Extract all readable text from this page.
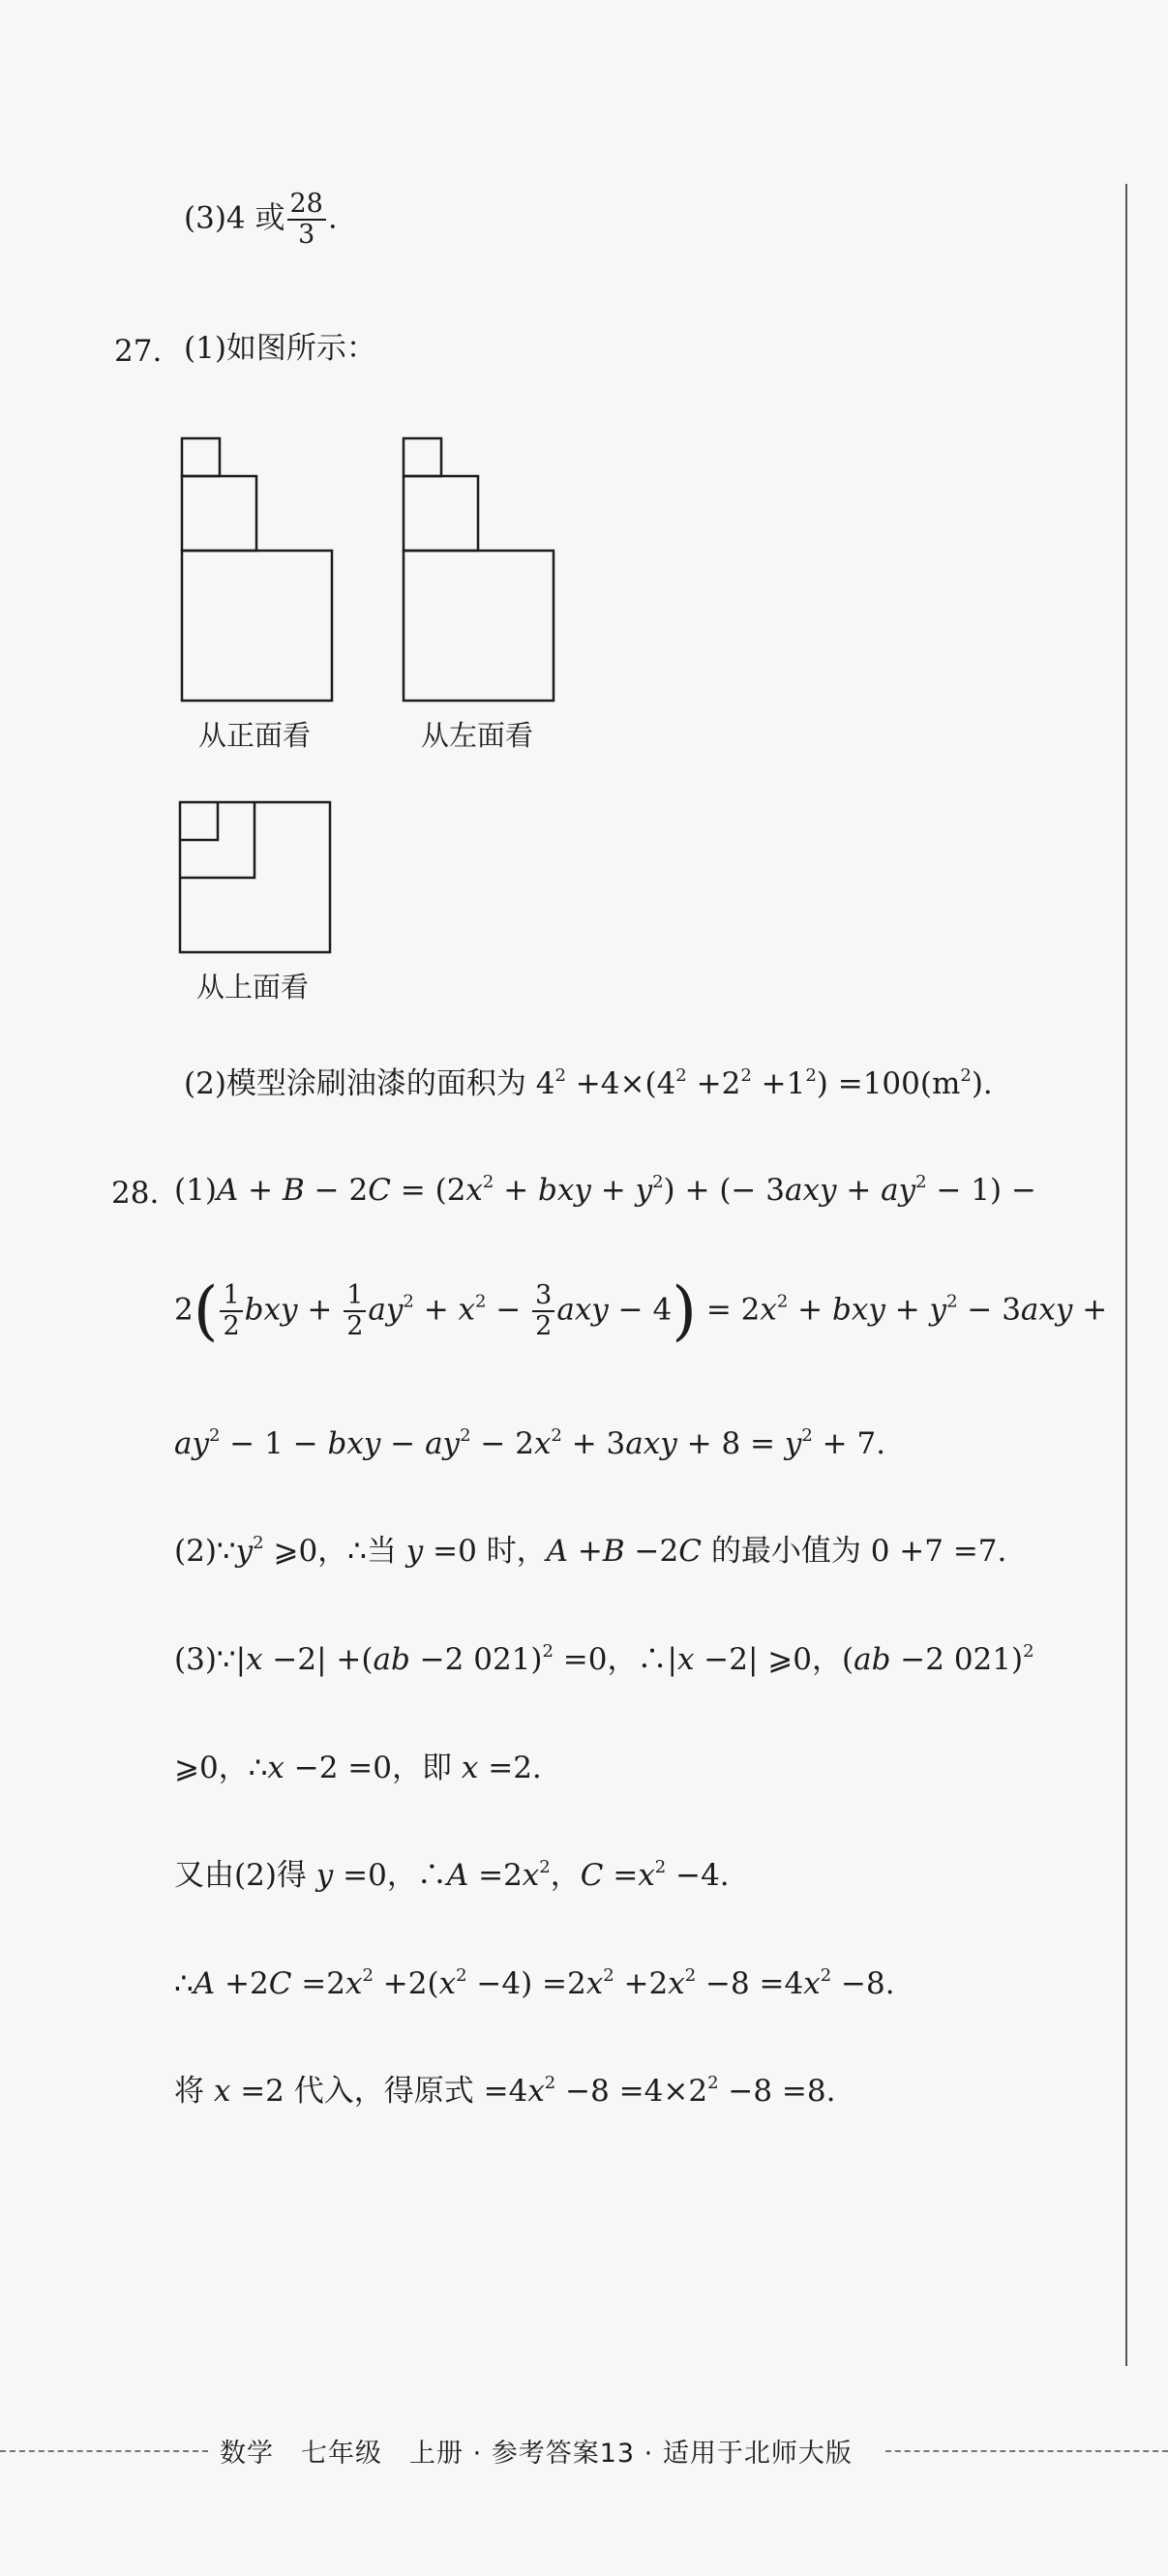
(3)4 或 $\frac{28}{3}$ .
27. (1)如图所示：
从正面看	从左面看
从上面看
(2)模型涂刷油漆的面积为 $4^2 +4\times(4^2 +2^2 +1^2) =100(m^2)$.
28. $(1)A + B - 2C = (2x^2$ + bxy + $y^2$) + (− $3axy + ay^2 - 1$) −
$2( \frac{1}{2}$ bxy + $\frac{1}{2} ay^2 + x^2 - \frac{3}{2}$ axy − $4) = 2x^2$ + bxy + $y^2 - 3axy$ +
$ay^2 - 1$ − bxy − $ay^2 - 2x^2 + 3axy + 8 = y^2 + 7$.
$(2)\because y^2$ ⩾0，∴当 y =0 时，A +B −2C 的最小值为 0 +7 =7.
(3)∵|x −2| +(ab −2 021)$^2$ =0，∴|x −2| ⩾0，(ab −2 021)$^2$
⩾0，∴x −2 =0，即 x =2.
又由(2)得 y =0，∴A $=2x^2$，$C =x^2 -4$.
∴A $+2C =2x^2 +2(x^2 -4) =2x^2 +2x^2 -8 =4x^2 -8$.
将 x =2 代入，得原式 $=4x^2 -8 =4\times 2^2 -8 =8$.
数学　七年级　上册 · 参考答案13 · 适用于北师大版
